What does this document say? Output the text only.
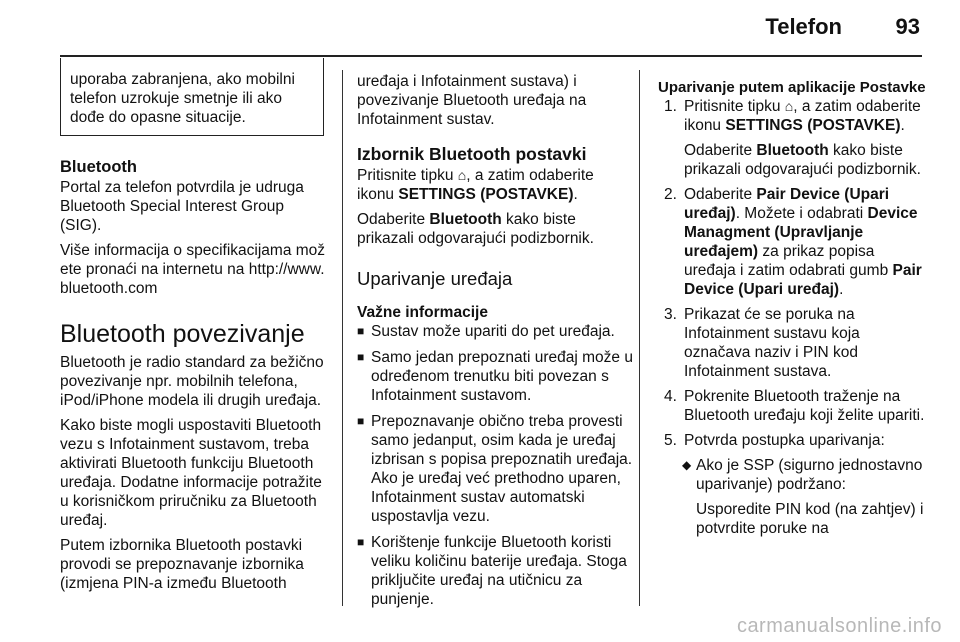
Telefon 93

uporaba zabranjena, ako mobilni telefon uzrokuje smetnje ili ako dođe do opasne situacije.

Bluetooth

Portal za telefon potvrdila je udruga Bluetooth Special Interest Group (SIG).

Više informacija o specifikacijama možete pronaći na internetu na http://www.bluetooth.com

Bluetooth povezivanje

Bluetooth je radio standard za bežično povezivanje npr. mobilnih telefona, iPod/iPhone modela ili drugih uređaja.

Kako biste mogli uspostaviti Bluetooth vezu s Infotainment sustavom, treba aktivirati Bluetooth funkciju Bluetooth uređaja. Dodatne informacije potražite u korisničkom priručniku za Bluetooth uređaj.

Putem izbornika Bluetooth postavki provodi se prepoznavanje izbornika (izmjena PIN-a između Bluetooth

uređaja i Infotainment sustava) i povezivanje Bluetooth uređaja na Infotainment sustav.

Izbornik Bluetooth postavki

Pritisnite tipku ⌂, a zatim odaberite ikonu SETTINGS (POSTAVKE).

Odaberite Bluetooth kako biste prikazali odgovarajući podizbornik.

Uparivanje uređaja
Važne informacije
■ Sustav može upariti do pet uređaja.
■ Samo jedan prepoznati uređaj može u određenom trenutku biti povezan s Infotainment sustavom.
■ Prepoznavanje obično treba provesti samo jedanput, osim kada je uređaj izbrisan s popisa prepoznatih uređaja. Ako je uređaj već prethodno uparen, Infotainment sustav automatski uspostavlja vezu.
■ Korištenje funkcije Bluetooth koristi veliku količinu baterije uređaja. Stoga priključite uređaj na utičnicu za punjenje.
Uparivanje putem aplikacije Postavke
1. Pritisnite tipku ⌂, a zatim odaberite ikonu SETTINGS (POSTAVKE).

Odaberite Bluetooth kako biste prikazali odgovarajući podizbornik.

2. Odaberite Pair Device (Upari uređaj). Možete i odabrati Device Managment (Upravljanje uređajem) za prikaz popisa uređaja i zatim odabrati gumb Pair Device (Upari uređaj).
3. Prikazat će se poruka na Infotainment sustavu koja označava naziv i PIN kod Infotainment sustava.
4. Pokrenite Bluetooth traženje na Bluetooth uređaju koji želite upariti.
5. Potvrda postupka uparivanja:
◆ Ako je SSP (sigurno jednostavno uparivanje) podržano:

Usporedite PIN kod (na zahtjev) i potvrdite poruke na

carmanualsonline.info
